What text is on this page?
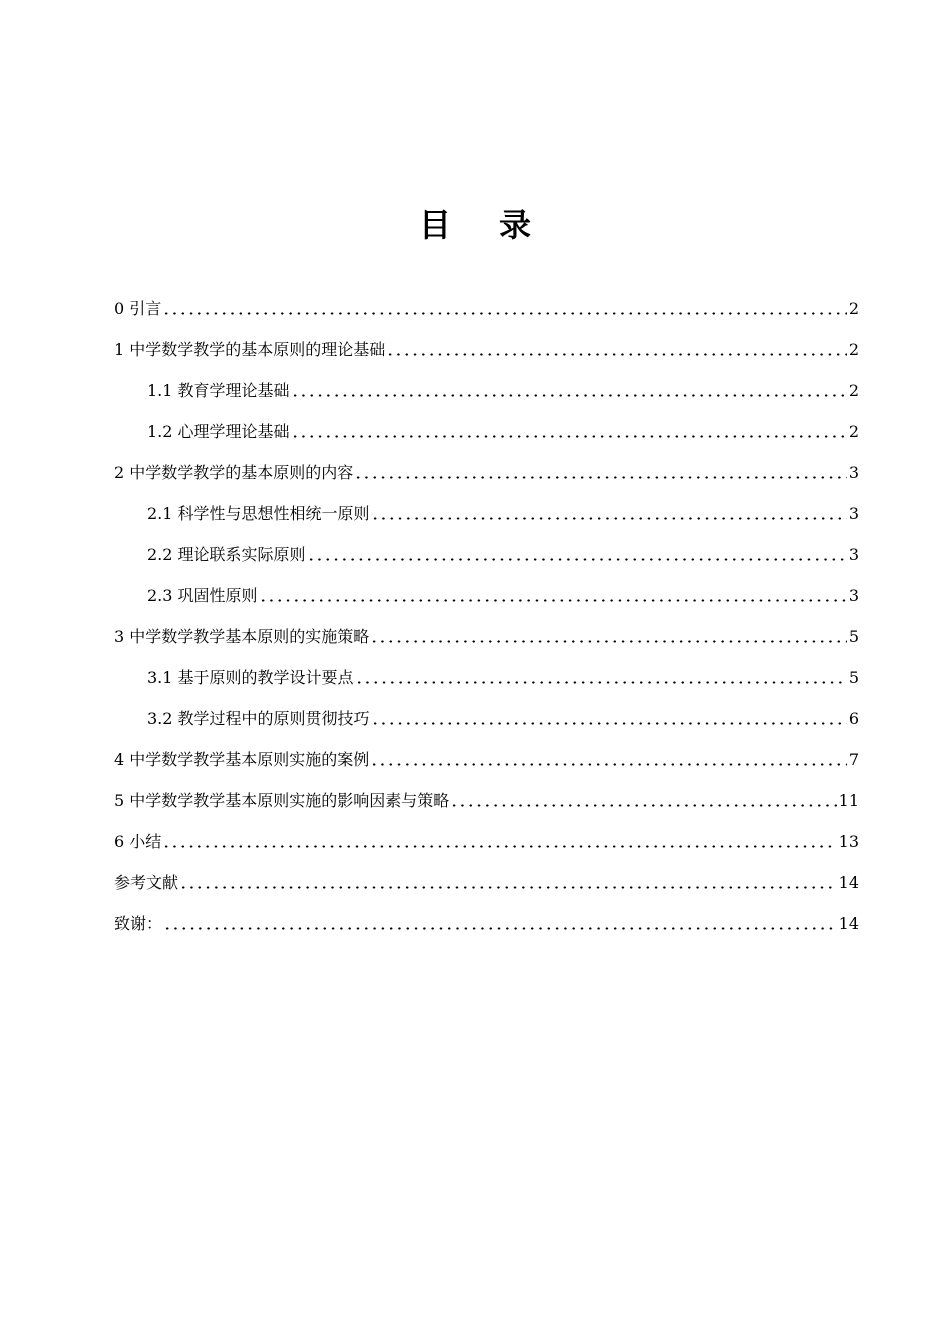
目 录
0 引言	2
1 中学数学教学的基本原则的理论基础	2
1.1 教育学理论基础	2
1.2 心理学理论基础	2
2 中学数学教学的基本原则的内容	3
2.1 科学性与思想性相统一原则	3
2.2 理论联系实际原则	3
2.3 巩固性原则	3
3 中学数学教学基本原则的实施策略	5
3.1 基于原则的教学设计要点	5
3.2 教学过程中的原则贯彻技巧	6
4 中学数学教学基本原则实施的案例	7
5 中学数学教学基本原则实施的影响因素与策略	11
6 小结	13
参考文献	14
致谢：	14
